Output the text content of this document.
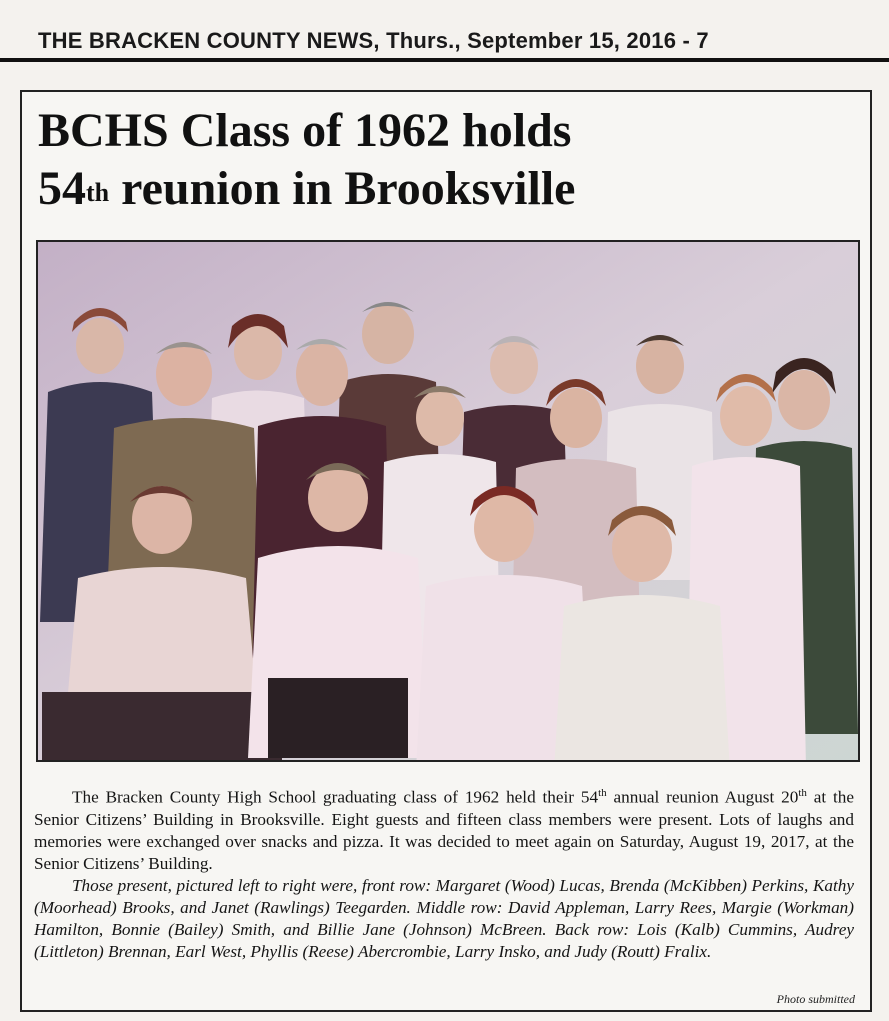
THE BRACKEN COUNTY NEWS, Thurs., September 15, 2016 - 7
BCHS Class of 1962 holds
54th reunion in Brooksville

The Bracken County High School graduating class of 1962 held their 54th annual reunion August 20th at the Senior Citizens’ Building in Brooksville. Eight guests and fifteen class members were present. Lots of laughs and memories were exchanged over snacks and pizza. It was decided to meet again on Saturday, August 19, 2017, at the Senior Citizens’ Building.

Those present, pictured left to right were, front row: Margaret (Wood) Lucas, Brenda (McKibben) Perkins, Kathy (Moorhead) Brooks, and Janet (Rawlings) Teegarden. Middle row: David Appleman, Larry Rees, Margie (Workman) Hamilton, Bonnie (Bailey) Smith, and Billie Jane (Johnson) McBreen. Back row: Lois (Kalb) Cummins, Audrey (Littleton) Brennan, Earl West, Phyllis (Reese) Abercrombie, Larry Insko, and Judy (Routt) Fralix.

Photo submitted
